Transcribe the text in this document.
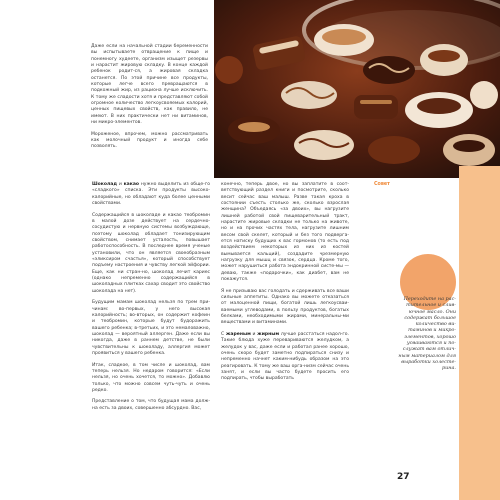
Даже если на начальной стадии беременности вы испытываете отвращение к пище и понемногу худеете, организм изыщет резервы и нарастит жировую складку. В конце каждой ребенок родит-ся, а жировая складка останется. По этой причине все продукты, которые легче всего превращаются в подкожный жир, из рациона лучше исключить. К тому же сладости хотя и представляют собой огромное количество легкоусвояемых калорий, ценных пищевых свойств, как правило, не имеют. В них практически нет ни витаминов, ни микро-элементов.

Мороженое, впрочем, можно рассматривать как молочный продукт и иногда себе позволять.

Шоколад и какао нужно выделить из обще-го «сладкого» списка. Эти продукты высоко-калорийные, но обладают куда более ценными свойствами.

Содержащийся в шоколаде и какао теобромин в малой дозе действует на сердечно-сосудистую и нервную системы возбуждающе, поэтому шоколад обладает тонизирующим свойством, снимает усталость, повышает работоспособность. В последнее время ученые установили, что он является своеобразным «эликсиром счастья», который способствует подъему настроения и чувству легкой эйфории. Еще, как ни стран-но, шоколад лечит кариес (однако непременно содержащийся в шоколадных плитках сахар сводит это свойство шоколада на нет).

Будущим мамам шоколад нельзя по трем при-чинам: во-первых, у него высокая калорийность; во-вторых, он содержит кофеин и теобромин, которые будут будоражить вашего ребенка; в-третьих, и это немаловажно, шоколад — вероятный аллерген. Даже если вы никогда, даже в раннем детстве, не были чувствительны к шоколаду, аллергия может проявиться у вашего ребенка.

Итак, сладкое, в том числе и шоколад, вам теперь нельзя. Но недаром говорится: «Если нельзя, но очень хочется, то можно». Добавлю только, что можно совсем чуть-чуть и очень редко.

Представление о том, что будущая мама долж-на есть за двоих, совершенно абсурдно. Вас,

конечно, теперь двое, но вы заплатите в соот-ветствующий раздел книги и посмотрите, сколько весит сейчас ваш малыш. Разве такая кроха в состоянии съесть столько же, сколько взрослая женщина? Объедаясь «за двоих», вы нагрузите лишней работой свой пищеварительный тракт, нарастите жировые складки не только на животе, но и на прочих частях тела, нагрузите лишним весом свой скелет, который и без того подверга-ется натиску будущих к вас гормонов (то есть под воздействием некоторых из них из костей вымывается кальций), создадите чрезмерную нагрузку для мышц и связок, сердца. Кроме того, может нарушиться работа эндокринной систе-мы — деваю, также «подарочки», как диабет, вам не покажутся.

Я не призываю вас голодать и сдерживать все ваши сильные аппетиты. Однако вы можете отказаться от малоценной пищи, богатой лишь легкоусваи-ваемыми углеводами, в пользу продуктов, богатых белками, необходимыми жирами, минеральны-ми веществами и витаминами.

С жареным и жирным лучше расстаться надол-го. Такие блюда хуже перевариваются желудком, а желудок у вас, даже если и работал ранее хорошо, очень скоро будет заметно подпираться снизу и непременно начнет каким-нибудь образом на это реагировать. К тому же ваш орга-низм сейчас очень занят, и если вы часто будете просить его подпирать, чтобы выработать

Совет
Переходите на рас-
тительное и слив-
ючное масло. Они
содержат большое
количество ви-
таминов и микро-
элементов, хорошо
усваиваются и по-
служат вам отлич-
ным материалом для
выработки холесте-
рина.
27
